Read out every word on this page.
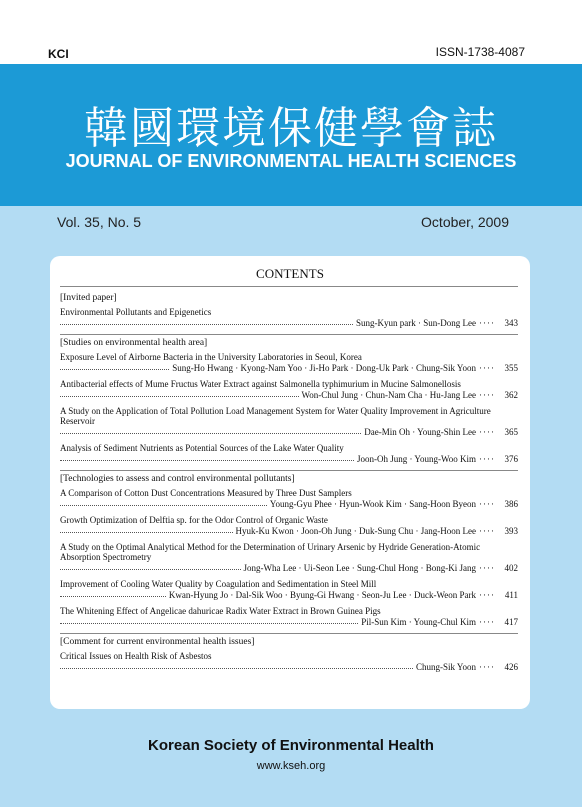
KCI	ISSN-1738-4087
韓國環境保健學會誌
JOURNAL OF ENVIRONMENTAL HEALTH SCIENCES
Vol. 35, No. 5	October, 2009
CONTENTS
[Invited paper]
Environmental Pollutants and Epigenetics
Sung-Kyun park · Sun-Dong Lee ····	343
[Studies on environmental health area]
Exposure Level of Airborne Bacteria in the University Laboratories in Seoul, Korea
Sung-Ho Hwang · Kyong-Nam Yoo · Ji-Ho Park · Dong-Uk Park · Chung-Sik Yoon ····	355
Antibacterial effects of Mume Fructus Water Extract against Salmonella typhimurium in Mucine Salmonellosis
Won-Chul Jung · Chun-Nam Cha · Hu-Jang Lee ····	362
A Study on the Application of Total Pollution Load Management System for Water Quality Improvement in Agriculture Reservoir
Dae-Min Oh · Young-Shin Lee ····	365
Analysis of Sediment Nutrients as Potential Sources of the Lake Water Quality
Joon-Oh Jung · Young-Woo Kim ····	376
[Technologies to assess and control environmental pollutants]
A Comparison of Cotton Dust Concentrations Measured by Three Dust Samplers
Young-Gyu Phee · Hyun-Wook Kim · Sang-Hoon Byeon ····	386
Growth Optimization of Delftia sp. for the Odor Control of Organic Waste
Hyuk-Ku Kwon · Joon-Oh Jung · Duk-Sung Chu · Jang-Hoon Lee ····	393
A Study on the Optimal Analytical Method for the Determination of Urinary Arsenic by Hydride Generation-Atomic Absorption Spectrometry
Jong-Wha Lee · Ui-Seon Lee · Sung-Chul Hong · Bong-Ki Jang ····	402
Improvement of Cooling Water Quality by Coagulation and Sedimentation in Steel Mill
Kwan-Hyung Jo · Dal-Sik Woo · Byung-Gi Hwang · Seon-Ju Lee · Duck-Weon Park ····	411
The Whitening Effect of Angelicae dahuricae Radix Water Extract in Brown Guinea Pigs
Pil-Sun Kim · Young-Chul Kim ····	417
[Comment for current environmental health issues]
Critical Issues on Health Risk of Asbestos
Chung-Sik Yoon ····	426
Korean Society of Environmental Health
www.kseh.org
